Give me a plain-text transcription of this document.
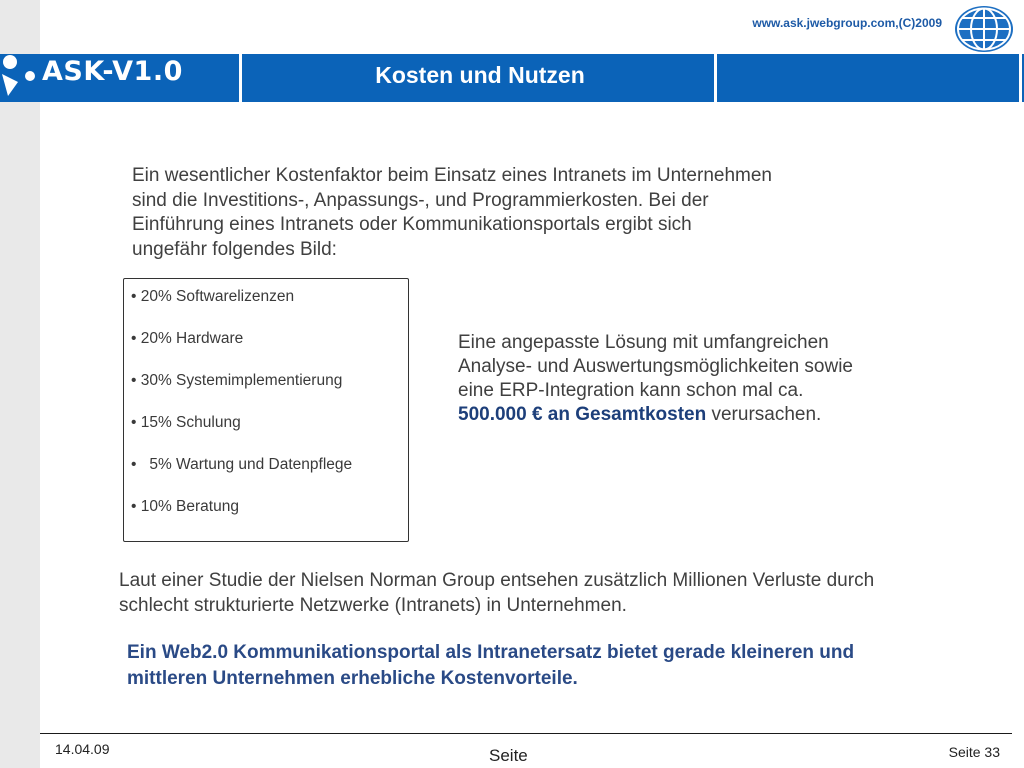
www.ask.jwebgroup.com,(C)2009
ASK-V1.0	Kosten und Nutzen
Ein wesentlicher Kostenfaktor beim Einsatz eines Intranets im Unternehmen sind die Investitions-, Anpassungs-, und Programmierkosten. Bei der Einführung eines Intranets oder Kommunikationsportals ergibt sich ungefähr folgendes Bild:
• 20% Softwarelizenzen
• 20% Hardware
• 30% Systemimplementierung
• 15% Schulung
•   5% Wartung und Datenpflege
• 10% Beratung
Eine angepasste Lösung mit umfangreichen Analyse- und Auswertungsmöglichkeiten sowie eine ERP-Integration kann schon mal ca. 500.000 € an Gesamtkosten verursachen.
Laut einer Studie der Nielsen Norman Group entsehen zusätzlich Millionen Verluste durch schlecht strukturierte Netzwerke (Intranets) in Unternehmen.
Ein Web2.0 Kommunikationsportal als Intranetersatz bietet gerade kleineren und mittleren Unternehmen erhebliche Kostenvorteile.
14.04.09	Seite	Seite 33
